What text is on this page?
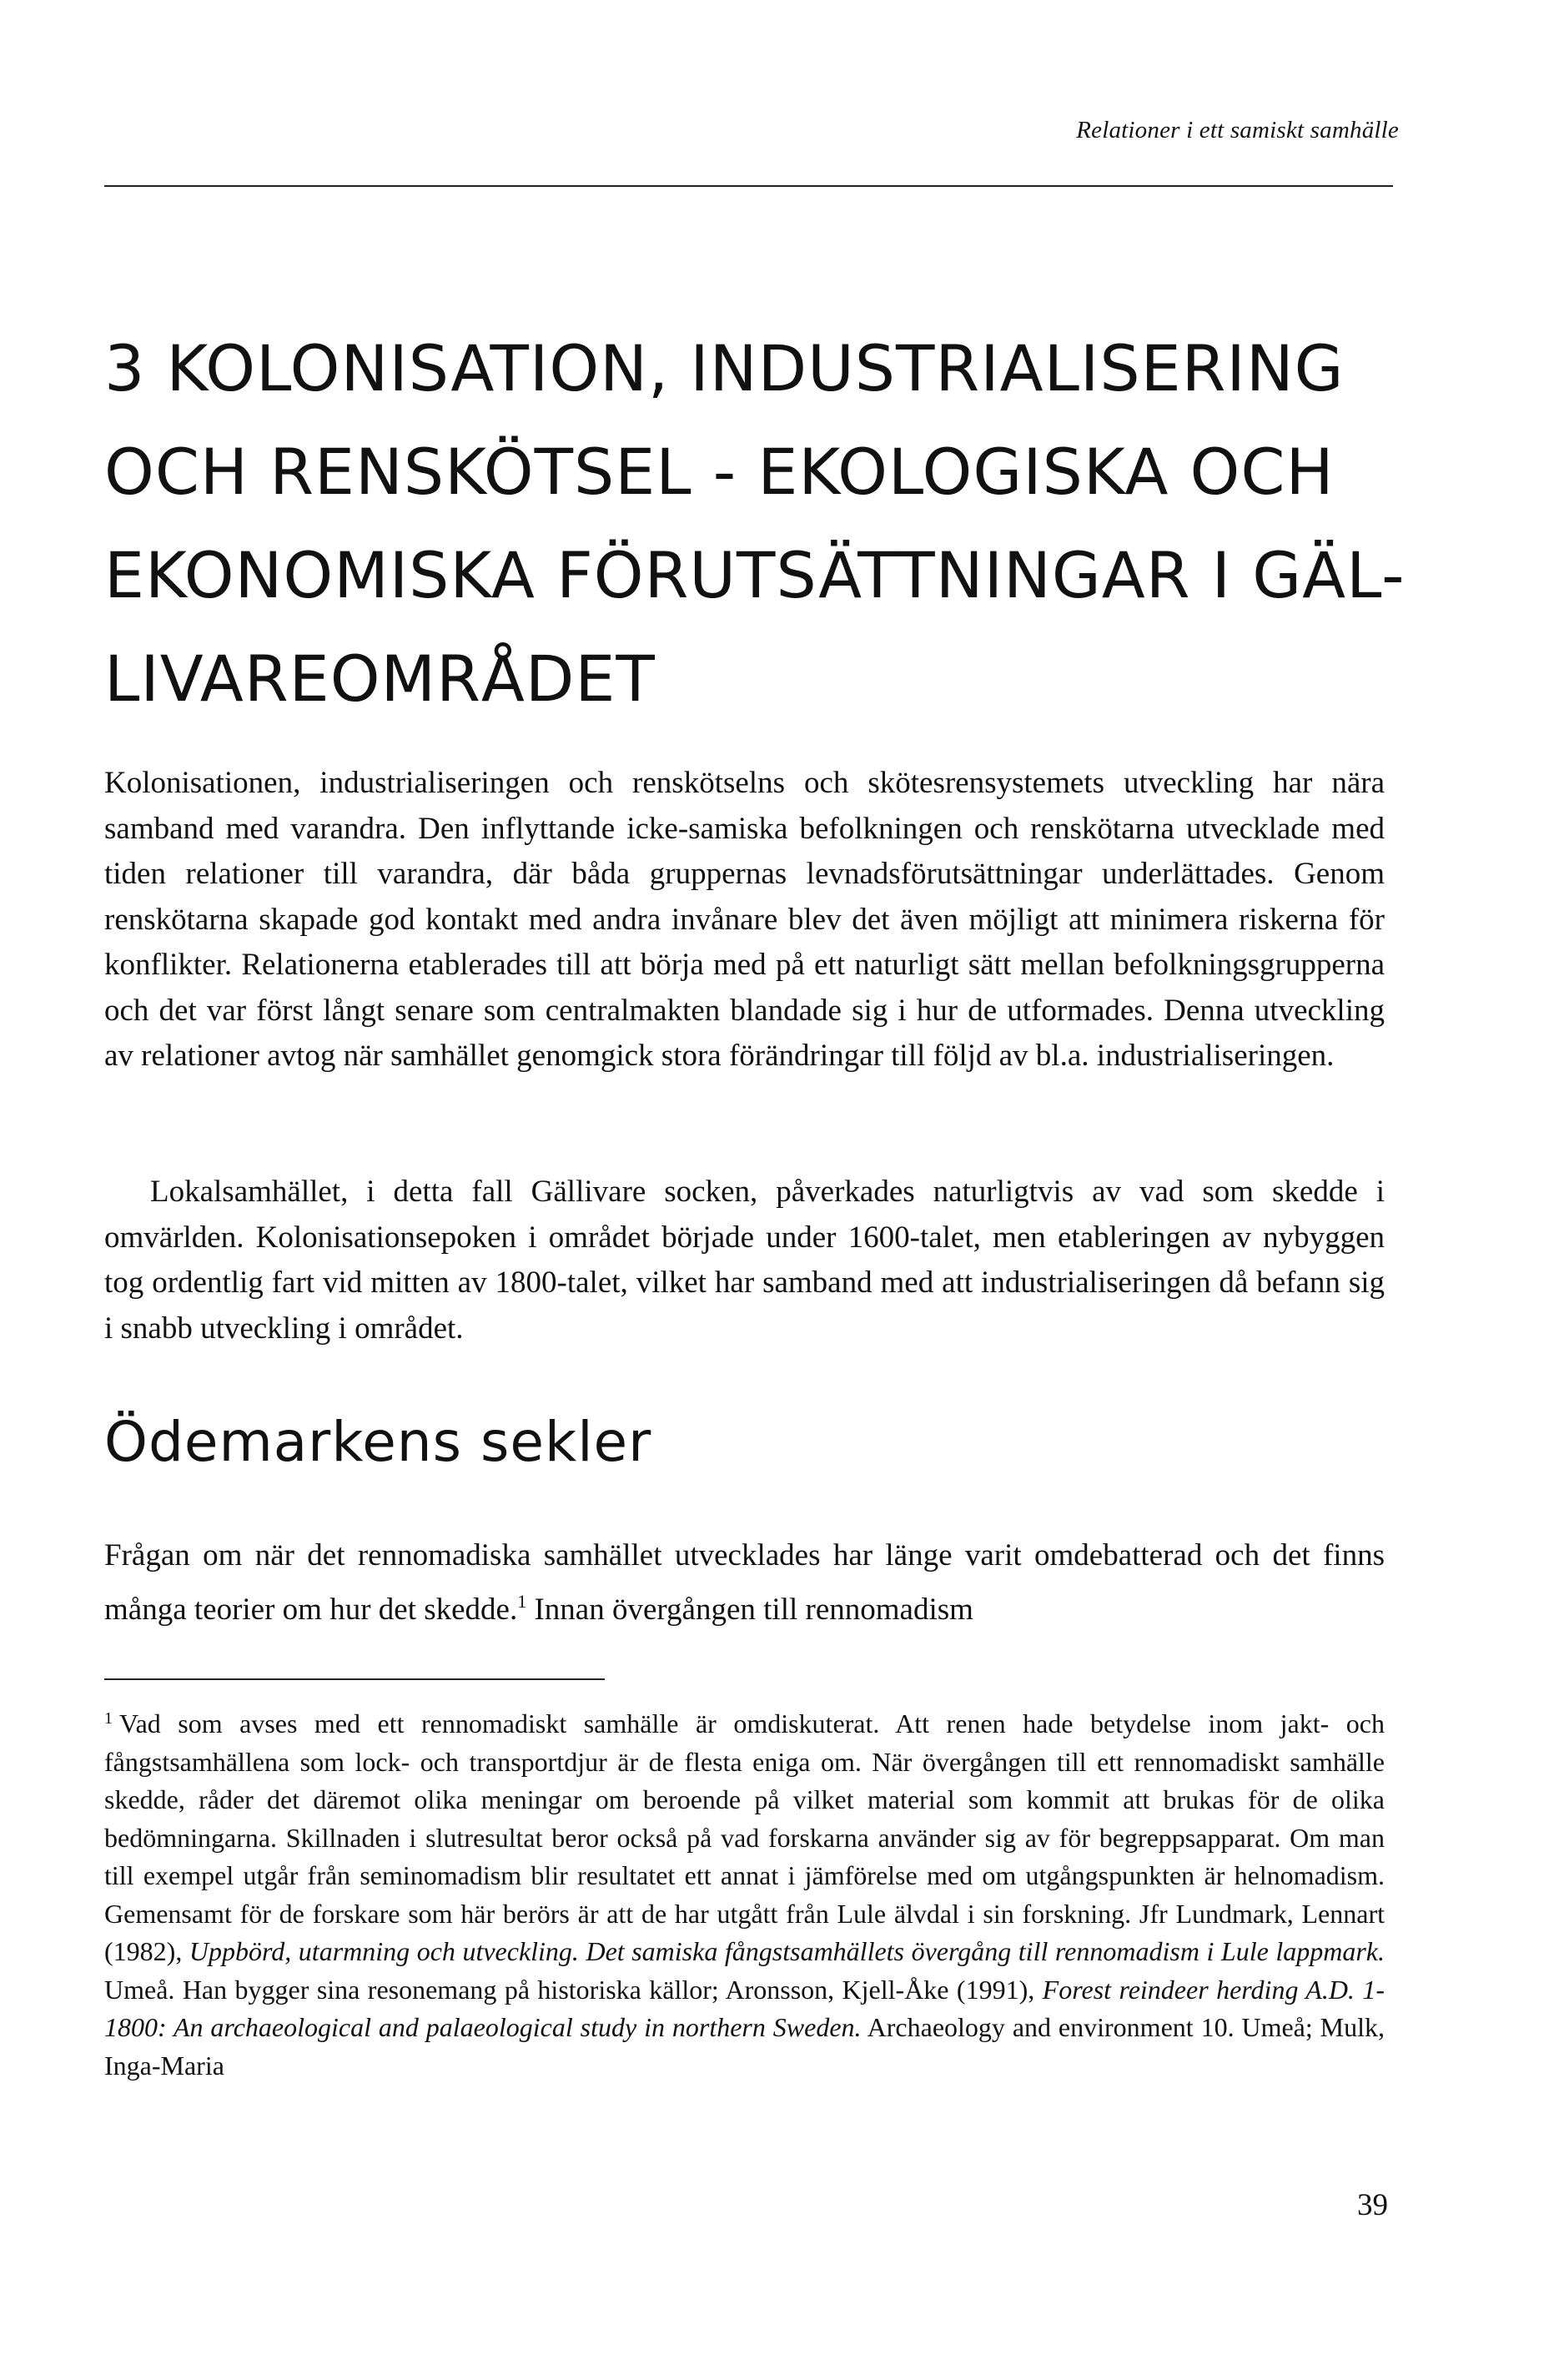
Relationer i ett samiskt samhälle
3 KOLONISATION, INDUSTRIALISERING
OCH RENSKÖTSEL - EKOLOGISKA OCH
EKONOMISKA FÖRUTSÄTTNINGAR I GÄL-
LIVAREOMRÅDET

Kolonisationen, industrialiseringen och renskötselns och skötesrensystemets utveckling har nära samband med varandra. Den inflyttande icke-samiska befolkningen och renskötarna utvecklade med tiden relationer till varandra, där båda gruppernas levnadsförutsättningar underlättades. Genom renskötarna skapade god kontakt med andra invånare blev det även möjligt att minimera riskerna för konflikter. Relationerna etablerades till att börja med på ett naturligt sätt mellan befolkningsgrupperna och det var först långt senare som centralmakten blandade sig i hur de utformades. Denna utveckling av relationer avtog när samhället genomgick stora förändringar till följd av bl.a. industrialiseringen.

Lokalsamhället, i detta fall Gällivare socken, påverkades naturligtvis av vad som skedde i omvärlden. Kolonisationsepoken i området började under 1600-talet, men etableringen av nybyggen tog ordentlig fart vid mitten av 1800-talet, vilket har samband med att industrialiseringen då befann sig i snabb utveckling i området.

Ödemarkens sekler

Frågan om när det rennomadiska samhället utvecklades har länge varit omdebatterad och det finns många teorier om hur det skedde.$^1$ Innan övergången till rennomadism

$^1$ Vad som avses med ett rennomadiskt samhälle är omdiskuterat. Att renen hade betydelse inom jakt- och fångstsamhällena som lock- och transportdjur är de flesta eniga om. När övergången till ett rennomadiskt samhälle skedde, råder det däremot olika meningar om beroende på vilket material som kommit att brukas för de olika bedömningarna. Skillnaden i slutresultat beror också på vad forskarna använder sig av för begreppsapparat. Om man till exempel utgår från seminomadism blir resultatet ett annat i jämförelse med om utgångspunkten är helnomadism. Gemensamt för de forskare som här berörs är att de har utgått från Lule älvdal i sin forskning. Jfr Lundmark, Lennart (1982), Uppbörd, utarmning och utveckling. Det samiska fångstsamhällets övergång till rennomadism i Lule lappmark. Umeå. Han bygger sina resonemang på historiska källor; Aronsson, Kjell-Åke (1991), Forest reindeer herding A.D. 1-1800: An archaeological and palaeological study in northern Sweden. Archaeology and environment 10. Umeå; Mulk, Inga-Maria

39
